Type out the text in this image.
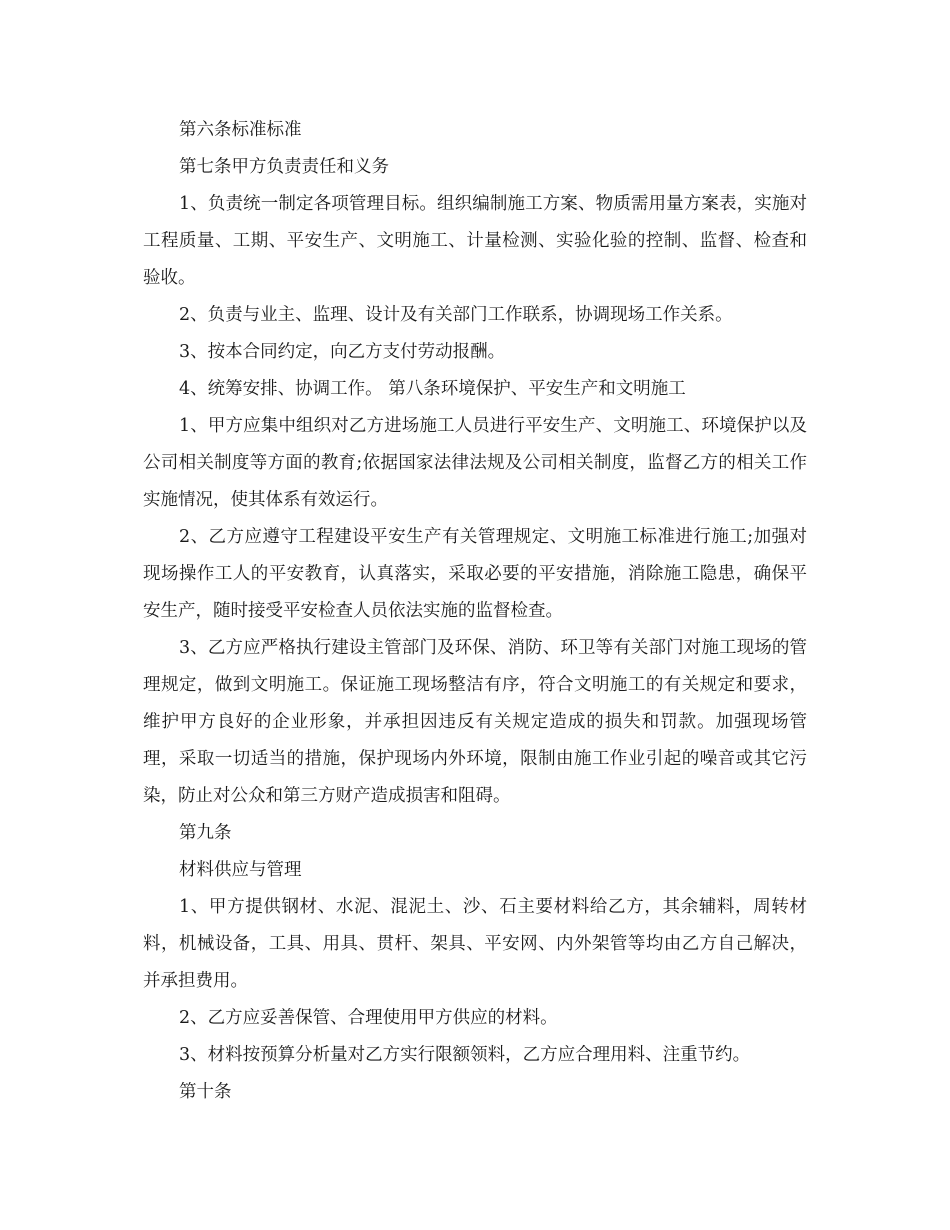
第六条标准标准

第七条甲方负责责任和义务

1、负责统一制定各项管理目标。组织编制施工方案、物质需用量方案表，实施对工程质量、工期、平安生产、文明施工、计量检测、实验化验的控制、监督、检查和验收。

2、负责与业主、监理、设计及有关部门工作联系，协调现场工作关系。

3、按本合同约定，向乙方支付劳动报酬。

4、统筹安排、协调工作。 第八条环境保护、平安生产和文明施工

1、甲方应集中组织对乙方进场施工人员进行平安生产、文明施工、环境保护以及公司相关制度等方面的教育;依据国家法律法规及公司相关制度，监督乙方的相关工作实施情况，使其体系有效运行。

2、乙方应遵守工程建设平安生产有关管理规定、文明施工标准进行施工;加强对现场操作工人的平安教育，认真落实，采取必要的平安措施，消除施工隐患，确保平安生产，随时接受平安检查人员依法实施的监督检查。

3、乙方应严格执行建设主管部门及环保、消防、环卫等有关部门对施工现场的管理规定，做到文明施工。保证施工现场整洁有序，符合文明施工的有关规定和要求，维护甲方良好的企业形象，并承担因违反有关规定造成的损失和罚款。加强现场管理，采取一切适当的措施，保护现场内外环境，限制由施工作业引起的噪音或其它污染，防止对公众和第三方财产造成损害和阻碍。

第九条

材料供应与管理

1、甲方提供钢材、水泥、混泥土、沙、石主要材料给乙方，其余辅料，周转材料，机械设备，工具、用具、贯杆、架具、平安网、内外架管等均由乙方自己解决，并承担费用。

2、乙方应妥善保管、合理使用甲方供应的材料。

3、材料按预算分析量对乙方实行限额领料，乙方应合理用料、注重节约。

第十条
